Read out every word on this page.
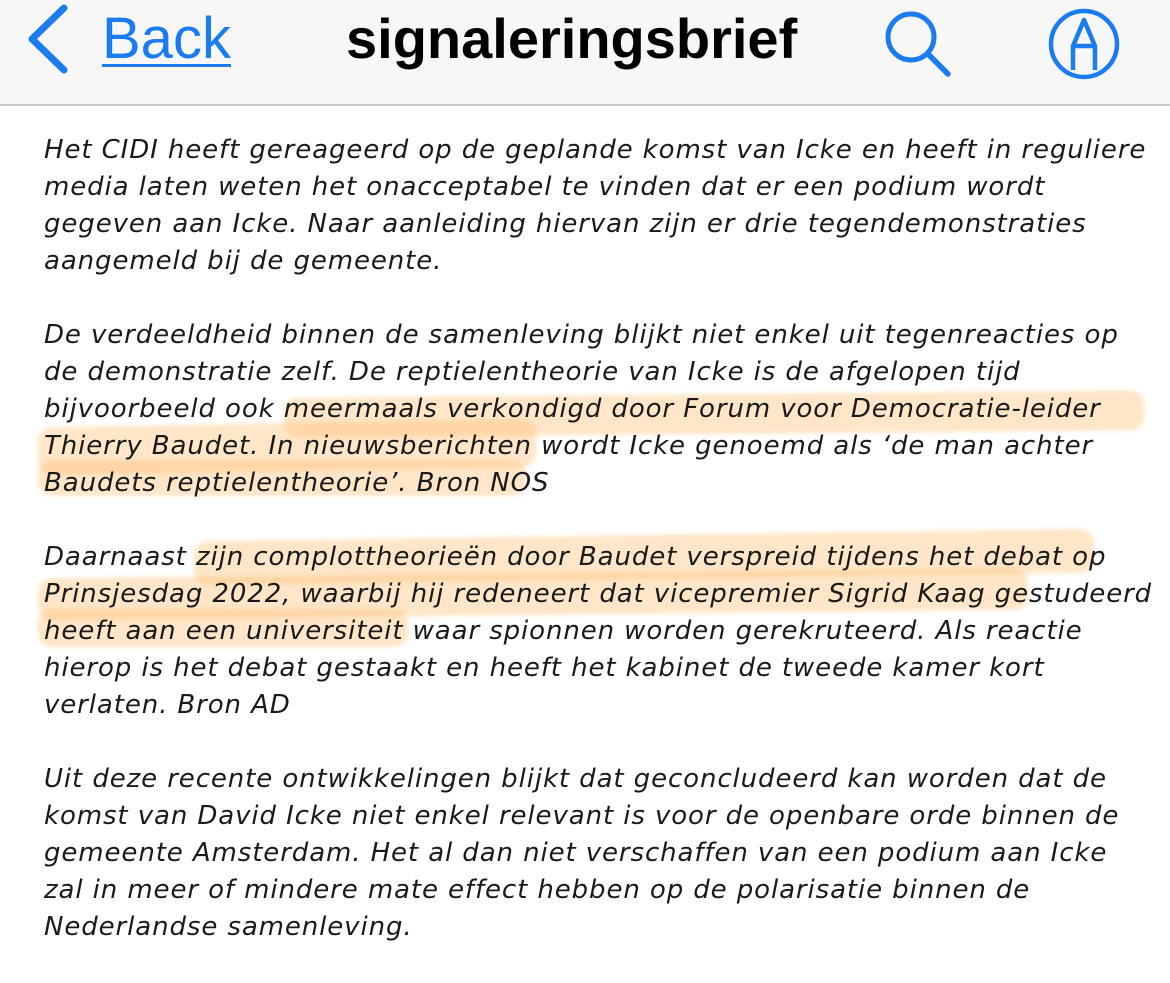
Back signaleringsbrief
Het CIDI heeft gereageerd op de geplande komst van Icke en heeft in reguliere media laten weten het onacceptabel te vinden dat er een podium wordt gegeven aan Icke. Naar aanleiding hiervan zijn er drie tegendemonstraties aangemeld bij de gemeente.
De verdeeldheid binnen de samenleving blijkt niet enkel uit tegenreacties op de demonstratie zelf. De reptielentheorie van Icke is de afgelopen tijd bijvoorbeeld ook meermaals verkondigd door Forum voor Democratie-leider Thierry Baudet. In nieuwsberichten wordt Icke genoemd als ‘de man achter Baudets reptielentheorie’. Bron NOS
Daarnaast zijn complottheorieën door Baudet verspreid tijdens het debat op Prinsjesdag 2022, waarbij hij redeneert dat vicepremier Sigrid Kaag gestudeerd heeft aan een universiteit waar spionnen worden gerekruteerd. Als reactie hierop is het debat gestaakt en heeft het kabinet de tweede kamer kort verlaten. Bron AD
Uit deze recente ontwikkelingen blijkt dat geconcludeerd kan worden dat de komst van David Icke niet enkel relevant is voor de openbare orde binnen de gemeente Amsterdam. Het al dan niet verschaffen van een podium aan Icke zal in meer of mindere mate effect hebben op de polarisatie binnen de Nederlandse samenleving.
